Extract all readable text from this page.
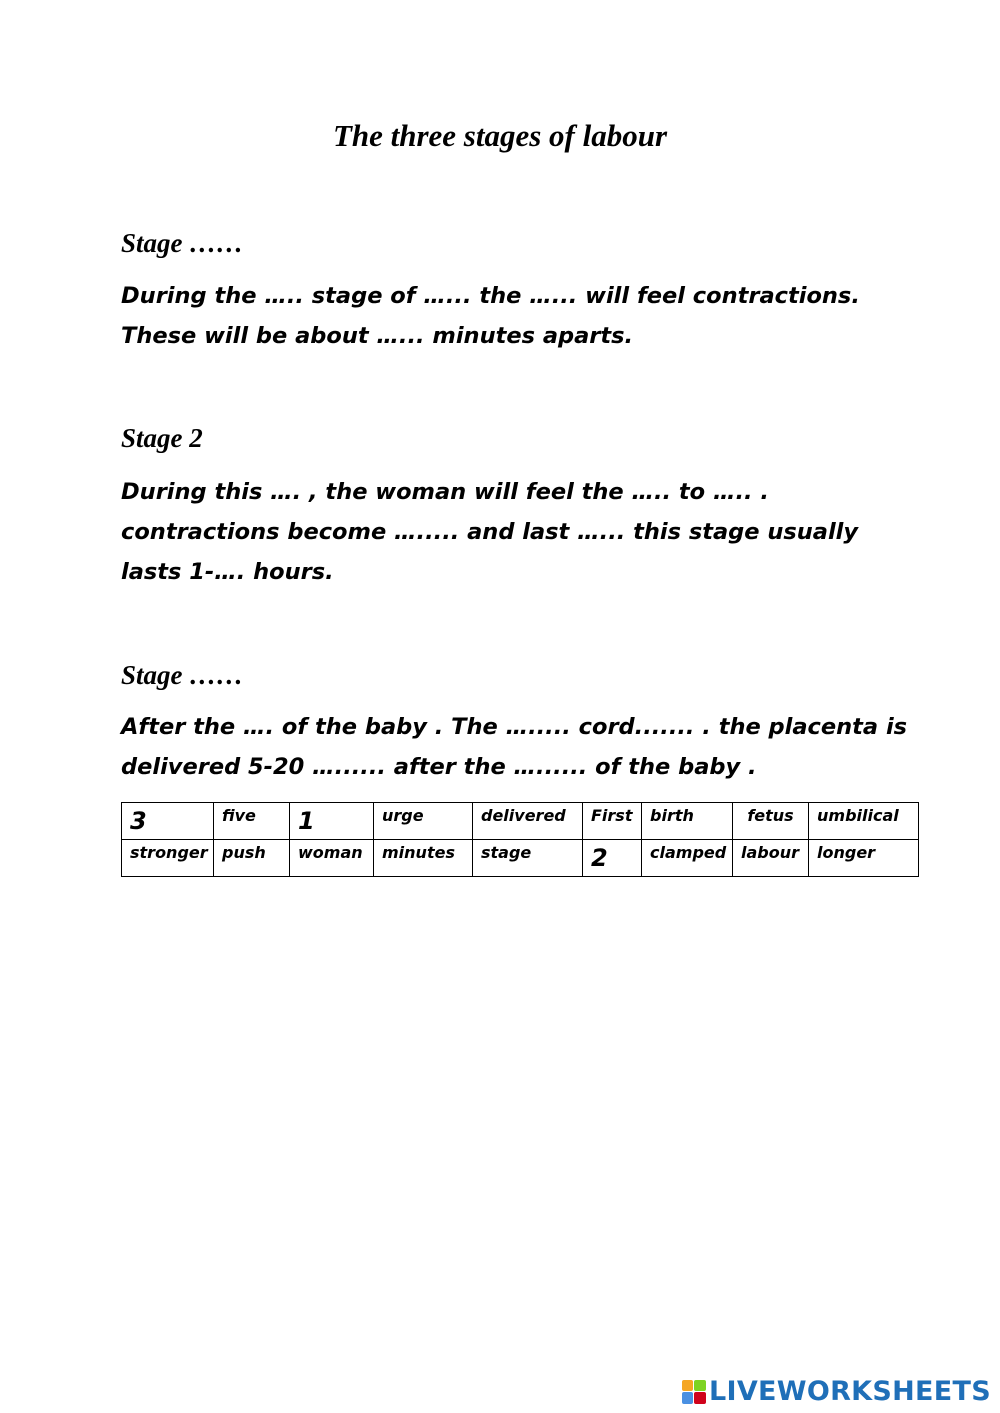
The three stages of labour
Stage ……
During the ….. stage of …... the …... will feel contractions.
These will be about …... minutes aparts.
Stage 2
During this …. , the woman will feel the ….. to ….. .
contractions become …..... and last …... this stage usually
lasts 1-…. hours.
Stage ……
After the …. of the baby . The …..... cord....... . the placenta is
delivered 5-20 …...... after the …...... of the baby .
3	five	1	urge	delivered	First	birth	fetus	umbilical
stronger	push	woman	minutes	stage	2	clamped	labour	longer
LIVEWORKSHEETS
